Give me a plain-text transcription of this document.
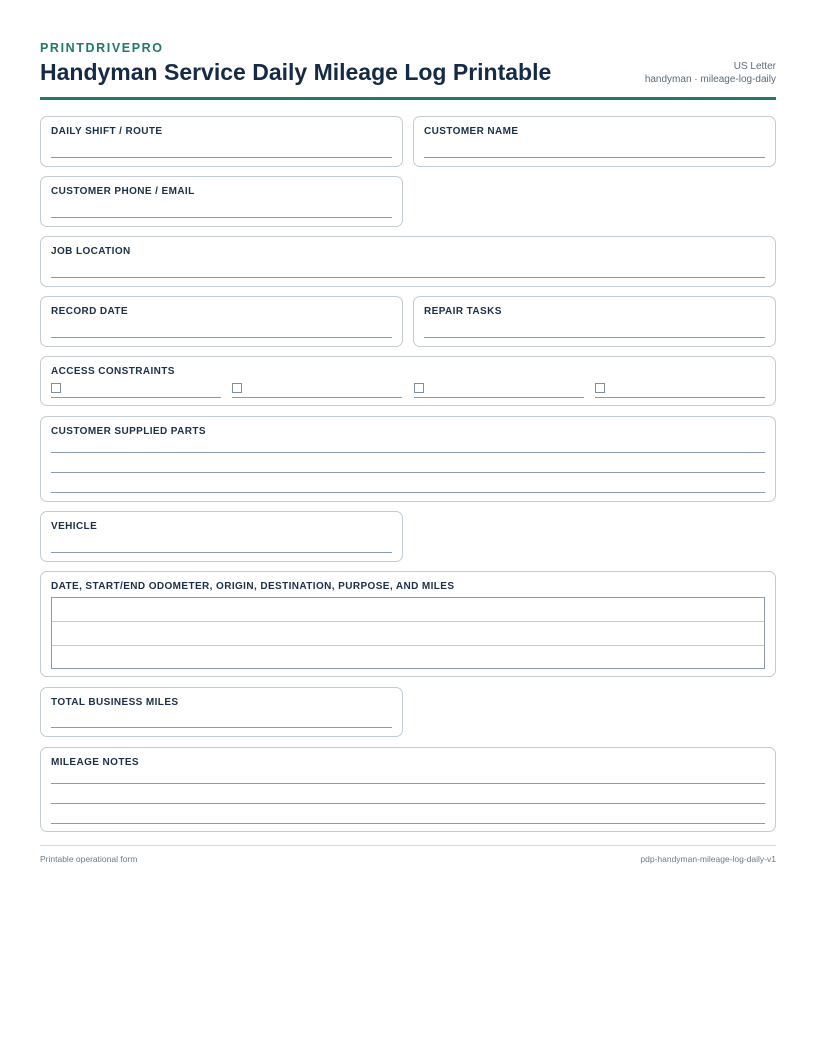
PRINTDRIVEPRO
Handyman Service Daily Mileage Log Printable	US Letter
handyman · mileage-log-daily
DAILY SHIFT / ROUTE	CUSTOMER NAME
CUSTOMER PHONE / EMAIL
JOB LOCATION
RECORD DATE	REPAIR TASKS
ACCESS CONSTRAINTS
CUSTOMER SUPPLIED PARTS
VEHICLE
DATE, START/END ODOMETER, ORIGIN, DESTINATION, PURPOSE, AND MILES
TOTAL BUSINESS MILES
MILEAGE NOTES
Printable operational form	pdp-handyman-mileage-log-daily-v1
